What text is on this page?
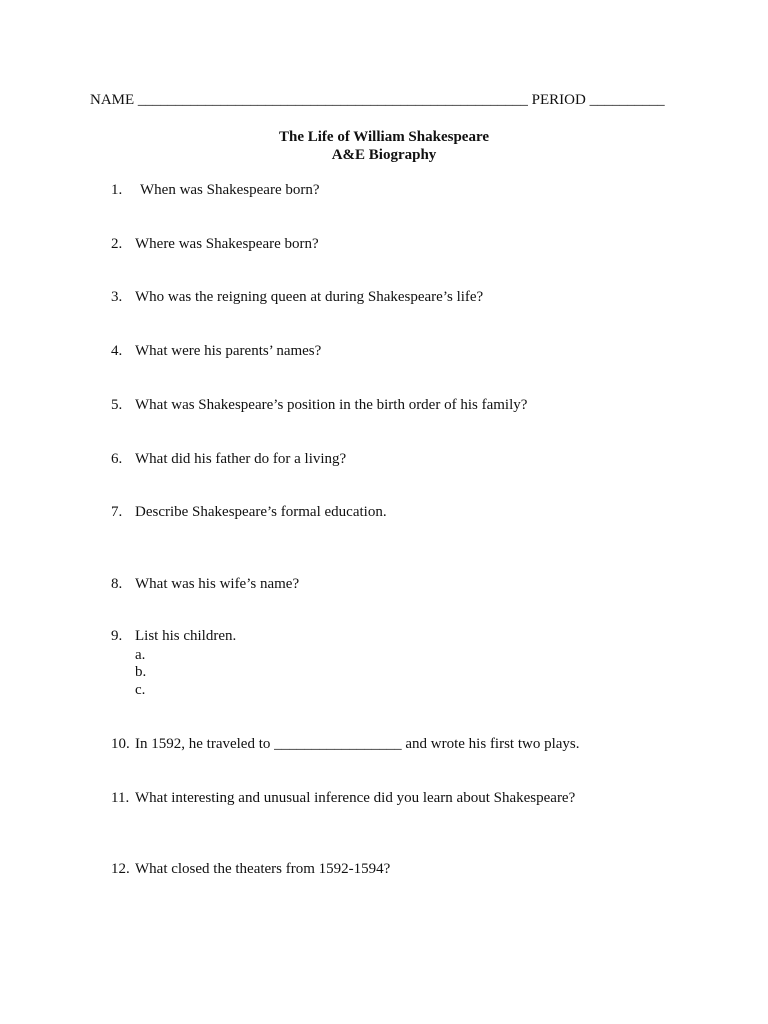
NAME ____________________________________________________ PERIOD __________
The Life of William Shakespeare
A&E Biography
1. When was Shakespeare born?
2. Where was Shakespeare born?
3. Who was the reigning queen at during Shakespeare’s life?
4. What were his parents’ names?
5. What was Shakespeare’s position in the birth order of his family?
6. What did his father do for a living?
7. Describe Shakespeare’s formal education.
8. What was his wife’s name?
9. List his children.
a.
b.
c.
10. In 1592, he traveled to _________________ and wrote his first two plays.
11. What interesting and unusual inference did you learn about Shakespeare?
12. What closed the theaters from 1592-1594?
